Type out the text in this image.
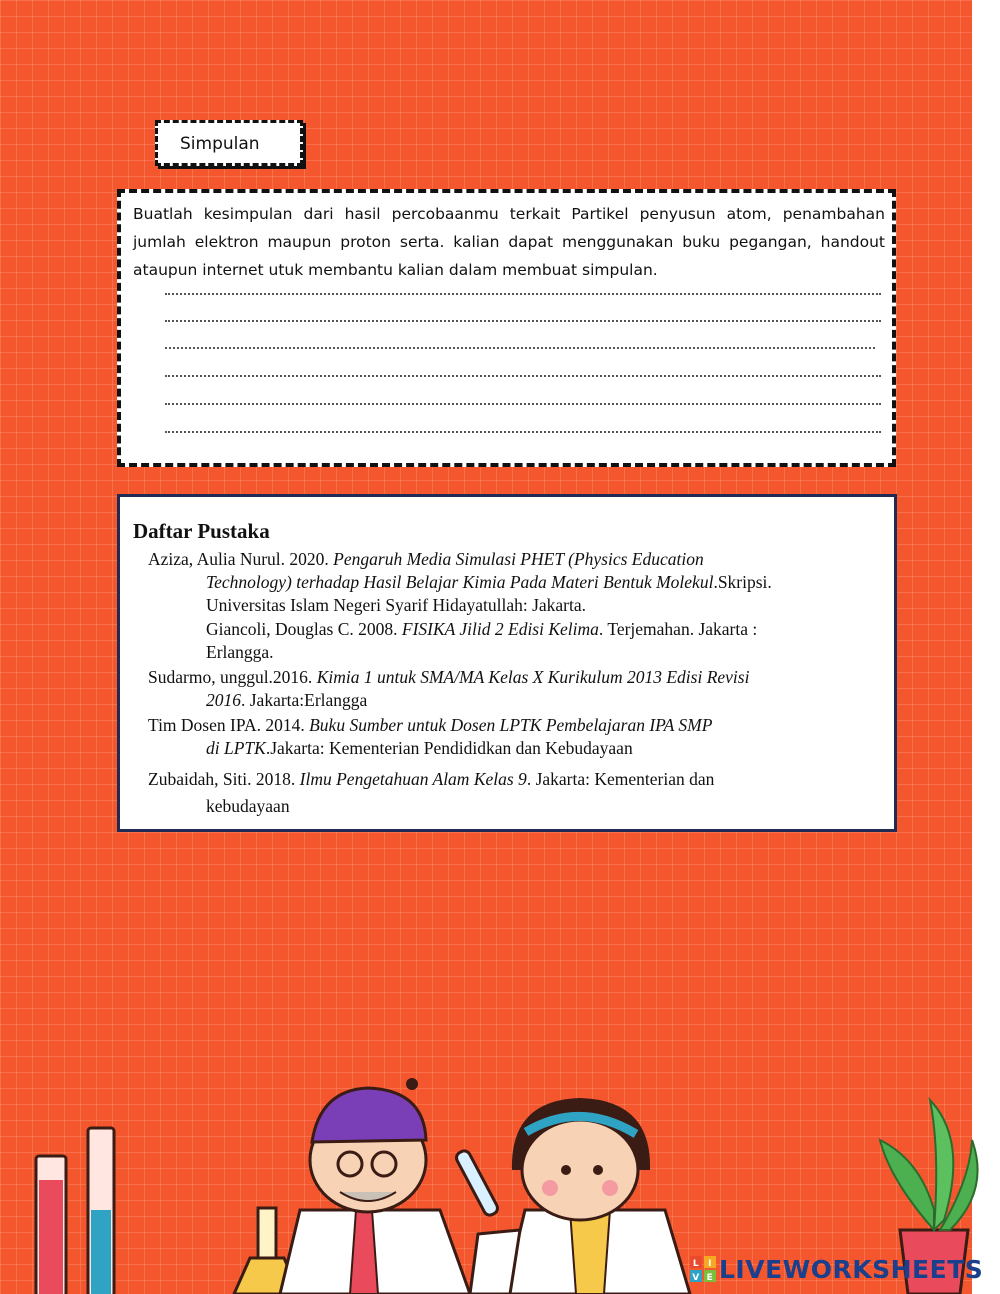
Simpulan

Buatlah kesimpulan dari hasil percobaanmu terkait Partikel penyusun atom, penambahan jumlah elektron maupun proton serta. kalian dapat menggunakan buku pegangan, handout ataupun internet utuk membantu kalian dalam membuat simpulan.

Daftar Pustaka

Aziza, Aulia Nurul. 2020. Pengaruh Media Simulasi PHET (Physics Education
Technology) terhadap Hasil Belajar Kimia Pada Materi Bentuk Molekul.Skripsi.
Universitas Islam Negeri Syarif Hidayatullah: Jakarta.

Giancoli, Douglas C. 2008. FISIKA Jilid 2 Edisi Kelima. Terjemahan. Jakarta :
Erlangga.

Sudarmo, unggul.2016. Kimia 1 untuk SMA/MA Kelas X Kurikulum 2013 Edisi Revisi
2016. Jakarta:Erlangga

Tim Dosen IPA. 2014. Buku Sumber untuk Dosen LPTK Pembelajaran IPA SMP
di LPTK.Jakarta: Kementerian Pendididkan dan Kebudayaan

Zubaidah, Siti. 2018. Ilmu Pengetahuan Alam Kelas 9. Jakarta: Kementerian dan
kebudayaan

L I
V E LIVEWORKSHEETS
